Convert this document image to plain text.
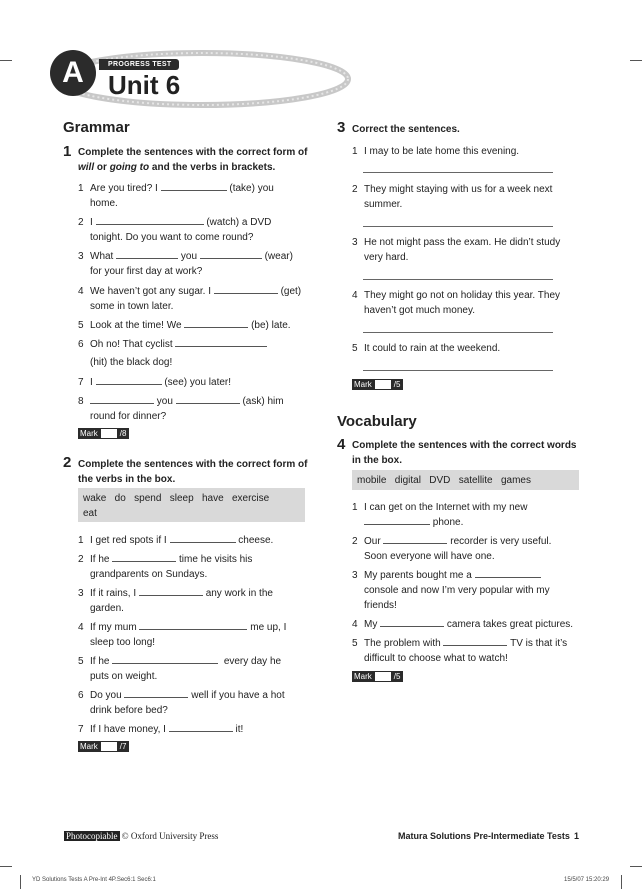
A	PROGRESS TEST
Unit 6
Grammar
1 Complete the sentences with the correct form of
will or going to and the verbs in brackets.
1 Are you tired? I	(take) you
home.
2 I	(watch) a DVD
tonight. Do you want to come round?
3 What	you	(wear)
for your first day at work?
4 We haven’t got any sugar. I	(get)
some in town later.
5 Look at the time! We	(be) late.
6 Oh no! That cyclist
(hit) the black dog!
7 I	(see) you later!
8	you	(ask) him
round for dinner?
Mark	/8
2 Complete the sentences with the correct form of
the verbs in the box.
wake   do   spend   sleep   have   exercise
eat
1 I get red spots if I	cheese.
2 If he	time he visits his
grandparents on Sundays.
3 If it rains, I	any work in the
garden.
4 If my mum	me up, I
sleep too long!
5 If he	every day he
puts on weight.
6 Do you	well if you have a hot
drink before bed?
7 If I have money, I	it!
Mark	/7
3 Correct the sentences.
1 I may to be late home this evening.
2 They might staying with us for a week next
summer.
3 He not might pass the exam. He didn’t study
very hard.
4 They might go not on holiday this year. They
haven’t got much money.
5 It could to rain at the weekend.
Mark	/5
Vocabulary
4 Complete the sentences with the correct words
in the box.
mobile   digital   DVD   satellite   games
1 I can get on the Internet with my new
phone.
2 Our	recorder is very useful.
Soon everyone will have one.
3 My parents bought me a
console and now I’m very popular with my
friends!
4 My	camera takes great pictures.
5 The problem with	TV is that it’s
difficult to choose what to watch!
Mark	/5
Photocopiable © Oxford University Press	Matura Solutions Pre-Intermediate Tests 1
YD Solutions Tests A Pre-Int 4P.Sec6:1 Sec6:1	15/5/07 15:20:29
